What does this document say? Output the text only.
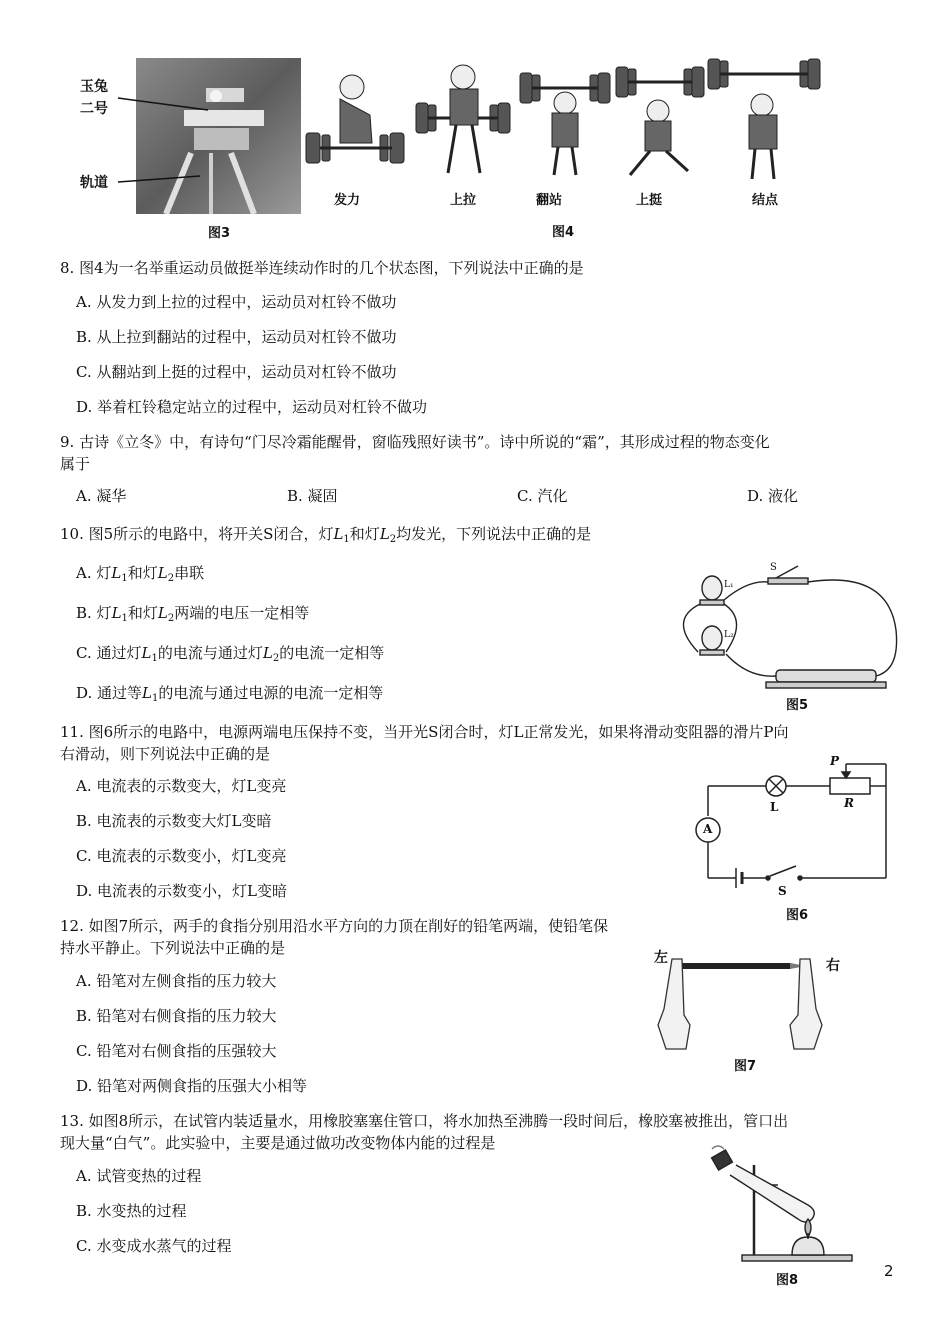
玉兔
二号
轨道
图3
发力	上拉	翻站	上挺	结点
图4
8. 图4为一名举重运动员做挺举连续动作时的几个状态图，下列说法中正确的是
A. 从发力到上拉的过程中，运动员对杠铃不做功
B. 从上拉到翻站的过程中，运动员对杠铃不做功
C. 从翻站到上挺的过程中，运动员对杠铃不做功
D. 举着杠铃稳定站立的过程中，运动员对杠铃不做功
9. 古诗《立冬》中，有诗句“门尽冷霜能醒骨，窗临残照好读书”。诗中所说的“霜”，其形成过程的物态变化
属于
A. 凝华	B. 凝固	C. 汽化	D. 液化
10. 图5所示的电路中，将开关S闭合，灯$L_1$和灯$L_2$均发光，下列说法中正确的是
A. 灯$L_1$和灯$L_2$串联
B. 灯$L_1$和灯$L_2$两端的电压一定相等
C. 通过灯$L_1$的电流与通过灯$L_2$的电流一定相等
D. 通过等$L_1$的电流与通过电源的电流一定相等
S
L₁
L₂
图5
11. 图6所示的电路中，电源两端电压保持不变，当开光S闭合时，灯L正常发光，如果将滑动变阻器的滑片P向
右滑动，则下列说法中正确的是
A. 电流表的示数变大，灯L变亮
B. 电流表的示数变大灯L变暗
C. 电流表的示数变小，灯L变亮
D. 电流表的示数变小，灯L变暗
A
L
P
R
S
图6
12. 如图7所示，两手的食指分别用沿水平方向的力顶在削好的铅笔两端，使铅笔保
持水平静止。下列说法中正确的是
A. 铅笔对左侧食指的压力较大
B. 铅笔对右侧食指的压力较大
C. 铅笔对右侧食指的压强较大
D. 铅笔对两侧食指的压强大小相等
左	右
图7
13. 如图8所示，在试管内装适量水，用橡胶塞塞住管口，将水加热至沸腾一段时间后，橡胶塞被推出，管口出
现大量“白气”。此实验中，主要是通过做功改变物体内能的过程是
A. 试管变热的过程
B. 水变热的过程
C. 水变成水蒸气的过程
图8
2
